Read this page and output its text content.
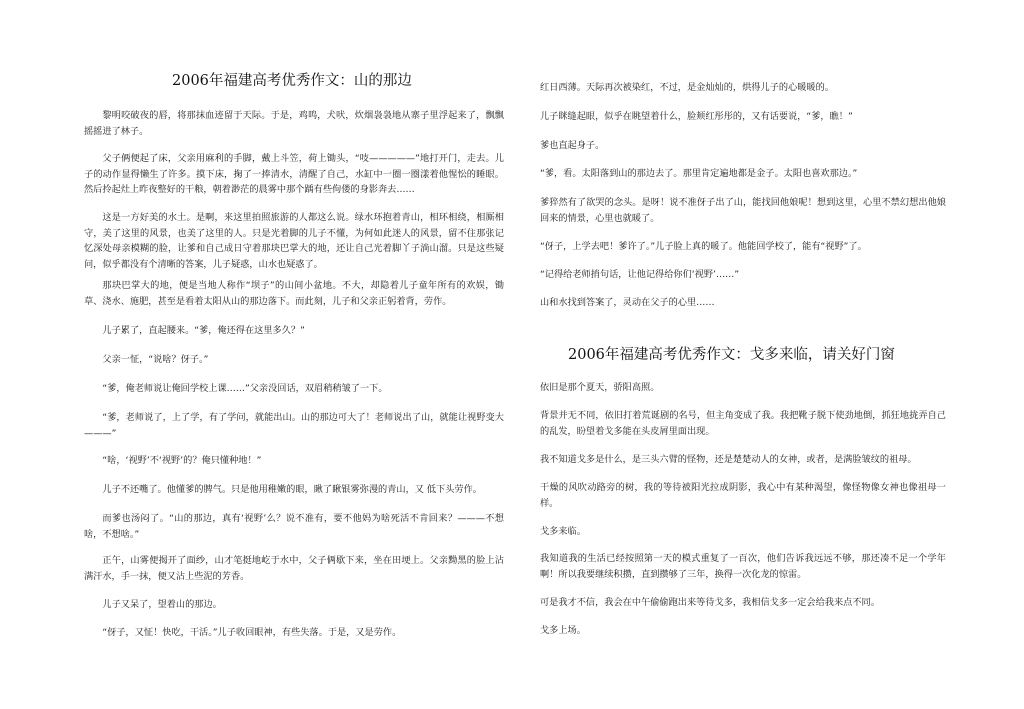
2006年福建高考优秀作文：山的那边

黎明咬破夜的唇，将那抹血迹留于天际。于是，鸡鸣，犬吠，炊烟袅袅地从寨子里浮起来了，飘飘摇摇进了林子。

父子俩便起了床，父亲用麻利的手脚，戴上斗笠，荷上锄头，“吱—————”地打开门，走去。儿子的动作显得懒生了许多。摸下床，掬了一捧清水，清醒了自己，水缸中一圈一圈漾着他惺忪的睡眼。然后拎起灶上昨夜整好的干粮，朝着渺茫的晨雾中那个踽有些佝偻的身影奔去……

这是一方好美的水土。是啊，来这里拍照旅游的人都这么说。绿水环抱着青山，相环相绕，相厮相守，美了这里的风景，也美了这里的人。只是光着脚的儿子不懂，为何如此迷人的风景，留不住那张记忆深处母亲模糊的脸，让爹和自己成日守着那块巴掌大的地，还让自己光着脚丫子淌山溜。只是这些疑问，似乎都没有个清晰的答案，儿子疑惑，山水也疑惑了。

那块巴掌大的地，便是当地人称作“坝子”的山间小盆地。不大，却隐着儿子童年所有的欢娱，锄草、浇水、施肥，甚至是看着太阳从山的那边落下。而此刻，儿子和父亲正躬着背，劳作。

儿子累了，直起腰来。“爹，俺还得在这里多久？”

父亲一怔，“说啥？伢子。”

“爹，俺老师说让俺回学校上课……”父亲没回话，双眉稍稍皱了一下。

“爹，老师说了，上了学，有了学问，就能出山。山的那边可大了！老师说出了山，就能让视野变大———”

“啥，‘视野’不‘视野’的？俺只懂种地！”

儿子不还嘴了。他懂爹的脾气。只是他用稚嫩的眼，瞅了瞅银雾弥漫的青山，又 低下头劳作。

而爹也汤闷了。“山的那边，真有‘视野’么？说不准有，要不他妈为啥死活不肯回来？———不想啥，不想啥。”

正午，山雾便揭开了面纱，山才笔挺地屹于水中，父子俩歇下来，坐在田埂上。父亲黝黑的脸上沾满汗水，手一抹，便又沾上些泥的芳香。

儿子又呆了，望着山的那边。

“伢子，又怔！快吃，干活。”儿子收回眼神，有些失落。于是，又是劳作。

红日西薄。天际再次被染红，不过，是金灿灿的，烘得儿子的心暖暖的。

儿子眯缝起眼，似乎在眺望着什么，脸颊红彤彤的，又有话要说，“爹，瞧！”

爹也直起身子。

“爹，看。太阳落到山的那边去了。那里肯定遍地都是金子。太阳也喜欢那边。”

爹猝然有了欲哭的念头。是呀！说不准伢子出了山，能找回他娘呢！想到这里，心里不禁幻想出他娘回来的情景，心里也就暖了。

“伢子，上学去吧！爹许了。”儿子脸上真的暖了。他能回学校了，能有“视野”了。

“记得给老师捎句话，让他记得给你们‘视野’……”

山和水找到答案了，灵动在父子的心里……

2006年福建高考优秀作文：戈多来临，请关好门窗

依旧是那个夏天，骄阳高照。

背景并无不同，依旧打着荒诞剧的名号，但主角变成了我。我把靴子脱下使劲地倒，抓狂地拢弄自己的乱发，盼望着戈多能在头皮屑里面出现。

我不知道戈多是什么，是三头六臂的怪物，还是楚楚动人的女神，或者，是满脸皱纹的祖母。

干燥的风吹动路旁的树，我的等待被阳光拉成阴影，我心中有某种渴望，像怪物像女神也像祖母一样。

戈多来临。

我知道我的生活已经按照第一天的模式重复了一百次，他们告诉我远远不够，那还凑不足一个学年啊！所以我要继续积攒，直到攒够了三年，换得一次化龙的惊雷。

可是我才不信，我会在中午偷偷跑出来等待戈多，我相信戈多一定会给我来点不同。

戈多上场。
